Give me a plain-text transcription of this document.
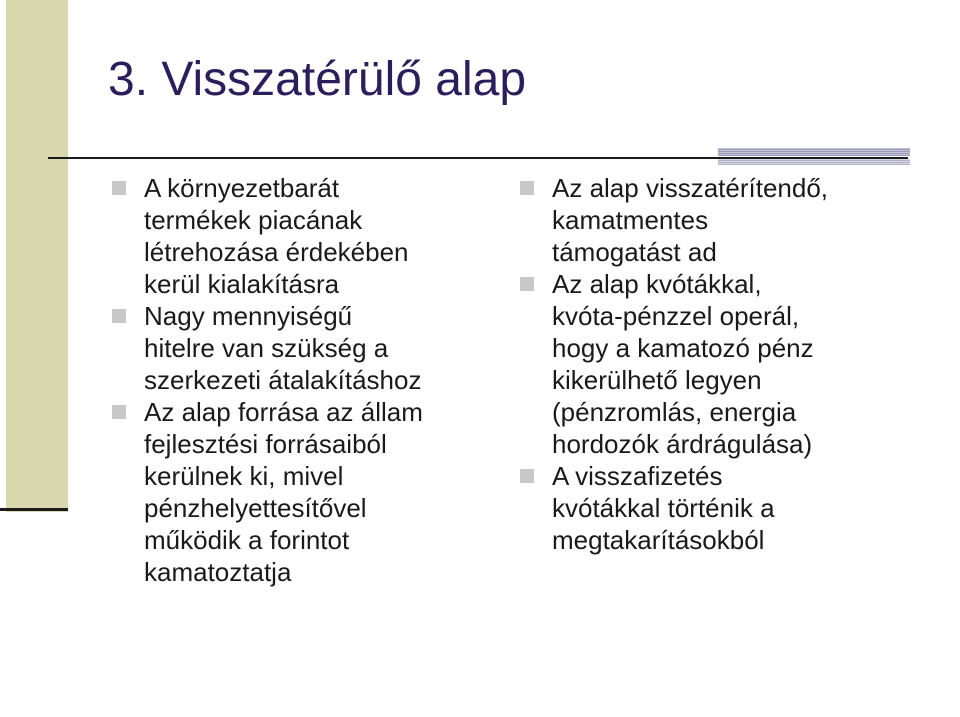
3. Visszatérülő alap
A környezetbarát
termékek piacának
létrehozása érdekében
kerül kialakításra
Nagy mennyiségű
hitelre van szükség a
szerkezeti átalakításhoz
Az alap forrása az állam
fejlesztési forrásaiból
kerülnek ki, mivel
pénzhelyettesítővel
működik a forintot
kamatoztatja
Az alap visszatérítendő,
kamatmentes
támogatást ad
Az alap kvótákkal,
kvóta-pénzzel operál,
hogy a kamatozó pénz
kikerülhető legyen
(pénzromlás, energia
hordozók árdrágulása)
A visszafizetés
kvótákkal történik a
megtakarításokból
